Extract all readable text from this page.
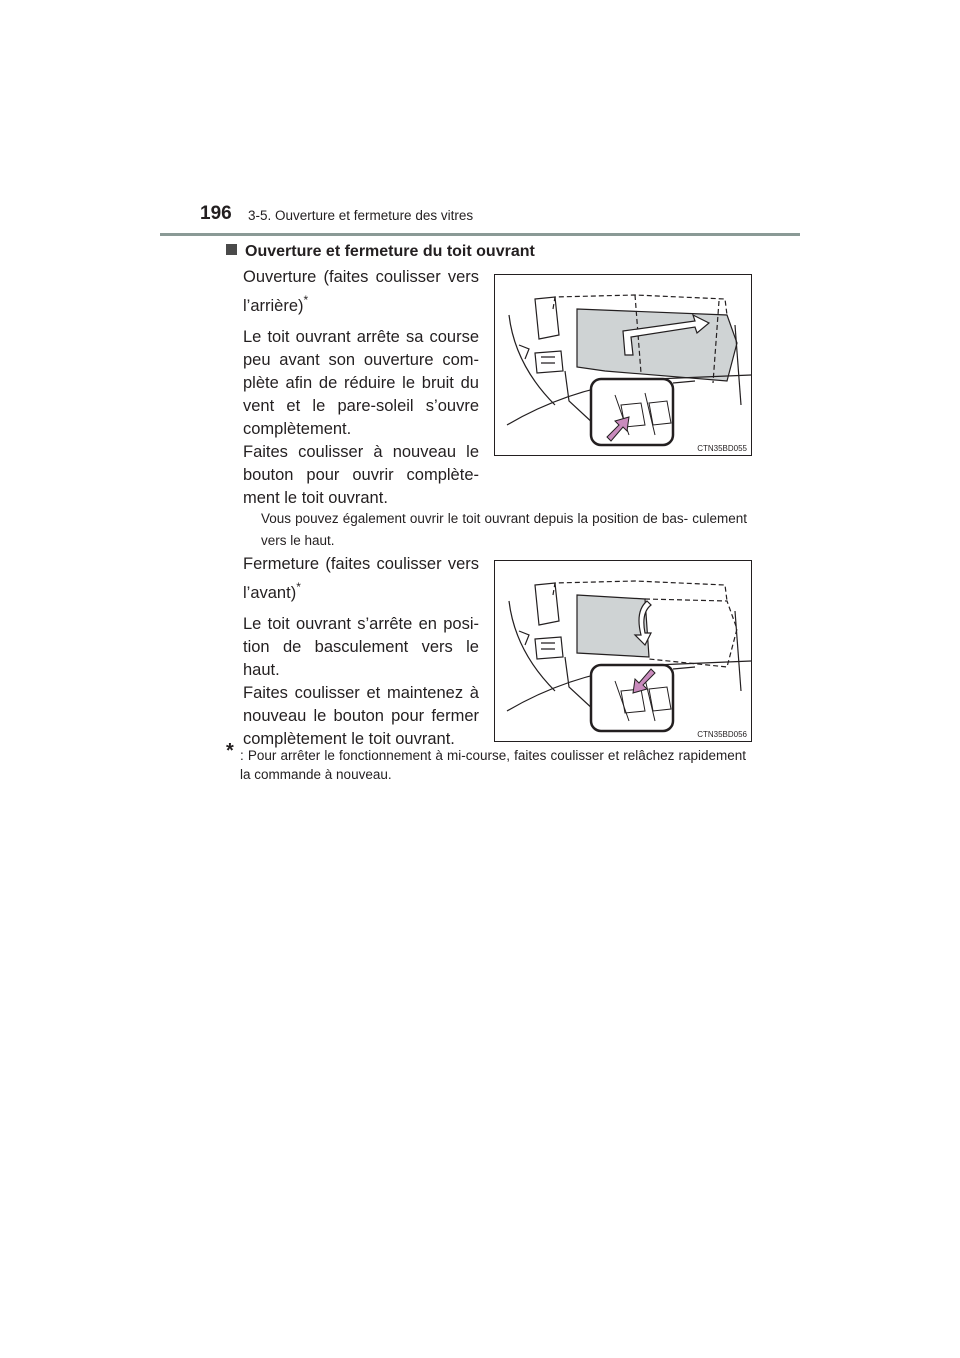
196 3-5. Ouverture et fermeture des vitres
Ouverture et fermeture du toit ouvrant

Ouverture (faites coulisser vers l’arrière)*

Le toit ouvrant arrête sa course peu avant son ouverture com- plète afin de réduire le bruit du vent et le pare-soleil s’ouvre complètement.

Faites coulisser à nouveau le bouton pour ouvrir complète- ment le toit ouvrant.

Vous pouvez également ouvrir le toit ouvrant depuis la position de bas- culement vers le haut.

Fermeture (faites coulisser vers l’avant)*

Le toit ouvrant s’arrête en posi- tion de basculement vers le haut.

Faites coulisser et maintenez à nouveau le bouton pour fermer complètement le toit ouvrant.

CTN35BD055
CTN35BD056
* : Pour arrêter le fonctionnement à mi-course, faites coulisser et relâchez rapidement la commande à nouveau.
